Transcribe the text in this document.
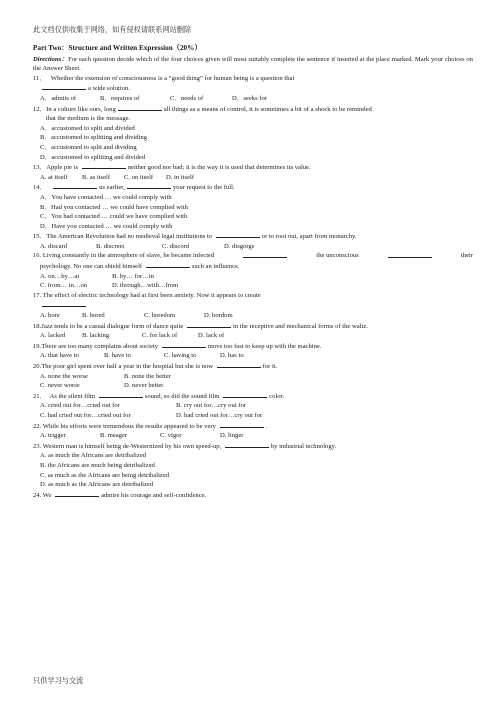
此文档仅供收集于网络，如有侵权请联系网站删除
Part Two：Structure and Written Expression（20%）
Directions：For each question decide which of the four choices given will most suitably complete the sentence if inserted at the place marked. Mark your choices on the Answer Sheet.
11． Whether the extension of consciousness is a “good thing” for human being is a question that
a wide solution.
A．admits of	B．requires of	C．needs of	D．seeks for
12．In a culture like ours, long	all things as a means of control, it is sometimes a bit of a shock to be reminded
that the medium is the message.
A．accustomed to split and divided
B．accustomed to splitting and dividing
C．accustomed to split and dividing
D．accustomed to splitting and divided
13．Apple pie is	neither good nor bad; it is the way it is used that determines its value.
A. at itself	B. as itself	C. on itself	D. in itself
14．	us earlier,	your request to the full.
A．You have contacted … we could comply with
B．Had you contacted … we could have complied with
C．You had contacted … could we have complied with
D．Have you contacted … we could comply with
15．The American Revolution had no medieval legal institutions to	or to root out, apart from monarchy.
A. discard	B. discreet	C. discord	D. disgorge
16. Living constantly in the atmosphere of slave, he became infected	the unconscious	their
psychology. No one can shield himself	such an influence.
A. on…by…at	B. by… for…in
C. from… in…on	D. through…with…from
17. The effect of electric technology had at first been anxiety. Now it appears to create
A. bore	B. bored	C. boredom	D. bordom
18.Jazz tends to be a casual dialogue form of dance quite	in the receptive and mechanical forms of the waltz.
A. lacked	B. lacking	C. for lack of	D. lack of
19.There are too many complains about society	move too fast to keep up with the machine.
A. that have to	B. have to	C. having to	D. has to
20.The poor girl spent over half a year in the hospital but she is now	for it.
A. none the worse	B. none the better
C. never worse	D. never better
21． As the silent film	sound, so did the sound film	color.
A. cried out for…cried out for	B. cry out for…cry out for
C. had cried out for…cried out for	D. had cried out for…cry out for
22. While his efforts were tremendous the results appeared to be very	.
A. trigger	B. meager	C. vigor	D. linger
23. Western man is himself being de-Westernized by his own speed-up,	by industrial technology.
A. as much the Africans are detribalized
B. the Africans are much being detribalized
C. as much as the Africans are being detribalized
D. as much as the Africans are detribalized
24. We	admire his courage and self-confidence.
只供学习与交流
